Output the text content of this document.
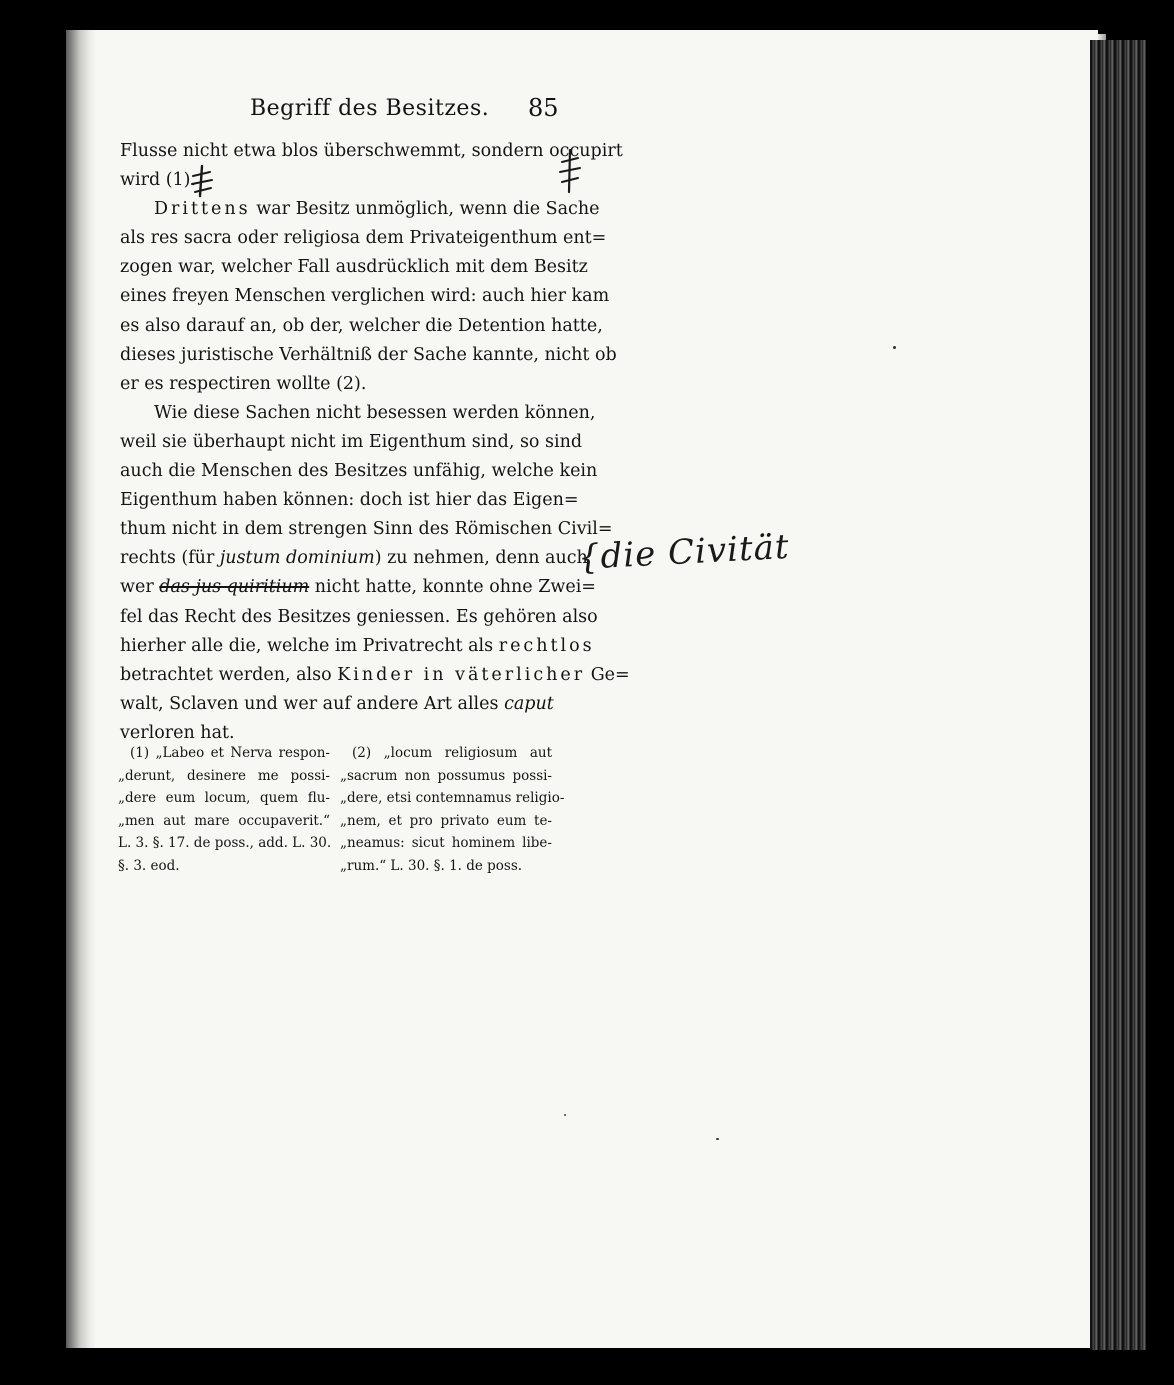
Begriff des Besitzes. 85
Flusse nicht etwa blos überschwemmt, sondern occupirt
wird (1).
Drittens war Besitz unmöglich, wenn die Sache
als res sacra oder religiosa dem Privateigenthum ent=
zogen war, welcher Fall ausdrücklich mit dem Besitz
eines freyen Menschen verglichen wird: auch hier kam
es also darauf an, ob der, welcher die Detention hatte,
dieses juristische Verhältniß der Sache kannte, nicht ob
er es respectiren wollte (2).
Wie diese Sachen nicht besessen werden können,
weil sie überhaupt nicht im Eigenthum sind, so sind
auch die Menschen des Besitzes unfähig, welche kein
Eigenthum haben können: doch ist hier das Eigen=
thum nicht in dem strengen Sinn des Römischen Civil=
rechts (für justum dominium) zu nehmen, denn auch
wer das jus quiritium nicht hatte, konnte ohne Zwei=
fel das Recht des Besitzes geniessen. Es gehören also
hierher alle die, welche im Privatrecht als rechtlos
betrachtet werden, also Kinder in väterlicher Ge=
walt, Sclaven und wer auf andere Art alles caput
verloren hat.
(1) „Labeo et Nerva respon-
„derunt, desinere me possi-
„dere eum locum, quem flu-
„men aut mare occupaverit.“
L. 3. §. 17. de poss., add. L. 30.
§. 3. eod.
(2) „locum religiosum aut
„sacrum non possumus possi-
„dere, etsi contemnamus religio-
„nem, et pro privato eum te-
„neamus: sicut hominem libe-
„rum.“ L. 30. §. 1. de poss.
{die Civität
